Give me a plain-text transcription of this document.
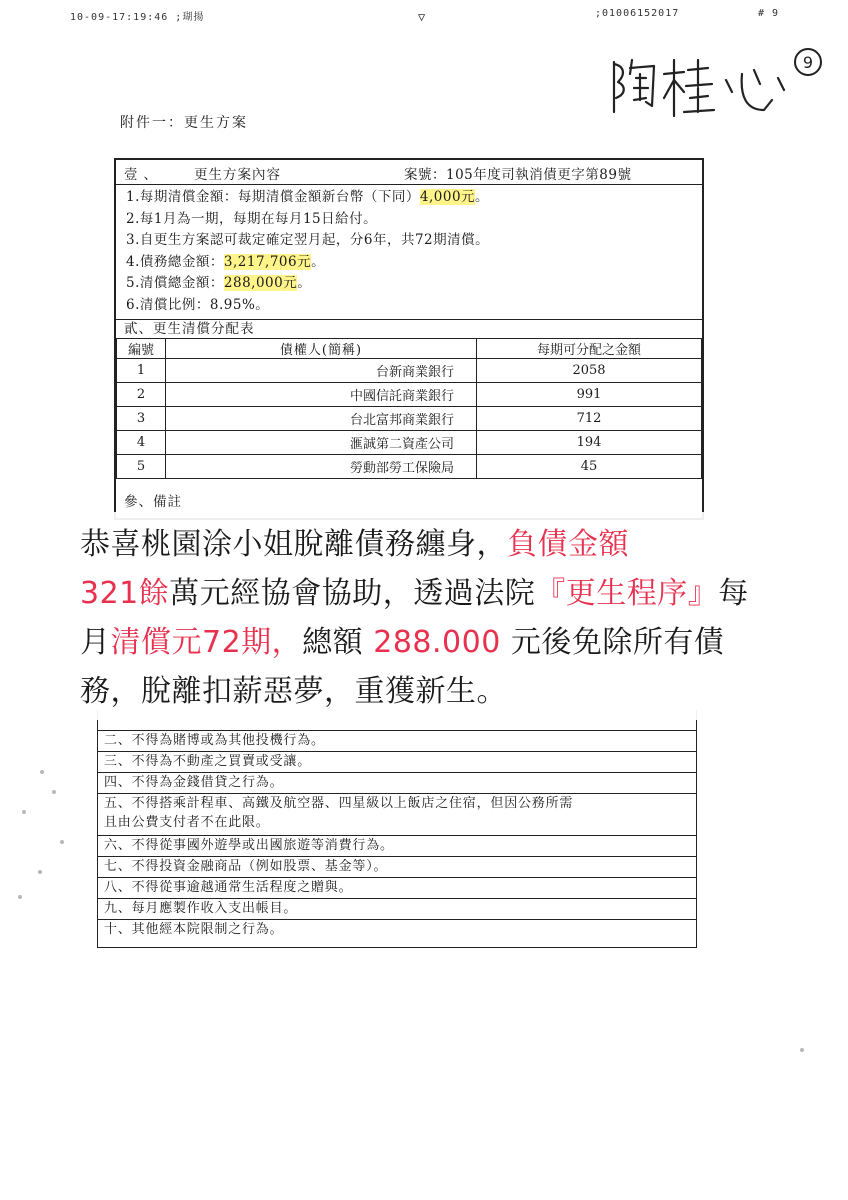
10-09-17:19:46 ;瑚揚	▽	;01006152017	# 9
陶桂心
9
附件一：更生方案
壹、 更生方案內容	案號：105年度司執消債更字第89號
1.每期清償金額：每期清償金額新台幣（下同）4,000元。
2.每1月為一期，每期在每月15日給付。
3.自更生方案認可裁定確定翌月起，分6年，共72期清償。
4.債務總金額：3,217,706元。
5.清償總金額：288,000元。
6.清償比例：8.95%。
貳、更生清償分配表
編號	債權人(簡稱)	每期可分配之金額
1	台新商業銀行	2058
2	中國信託商業銀行	991
3	台北富邦商業銀行	712
4	滙誠第二資產公司	194
5	勞動部勞工保險局	45
參、備註
二、不得為賭博或為其他投機行為。
三、不得為不動產之買賣或受讓。
四、不得為金錢借貸之行為。
五、不得搭乘計程車、高鐵及航空器、四星級以上飯店之住宿，但因公務所需
且由公費支付者不在此限。
六、不得從事國外遊學或出國旅遊等消費行為。
七、不得投資金融商品（例如股票、基金等）。
八、不得從事逾越通常生活程度之贈與。
九、每月應製作收入支出帳目。
十、其他經本院限制之行為。

恭喜桃園涂小姐脫離債務纏身，負債金額
321餘萬元經協會協助，透過法院『更生程序』每月清償元72期，總額 288.000 元後免除所有債務，脫離扣薪惡夢，重獲新生。
